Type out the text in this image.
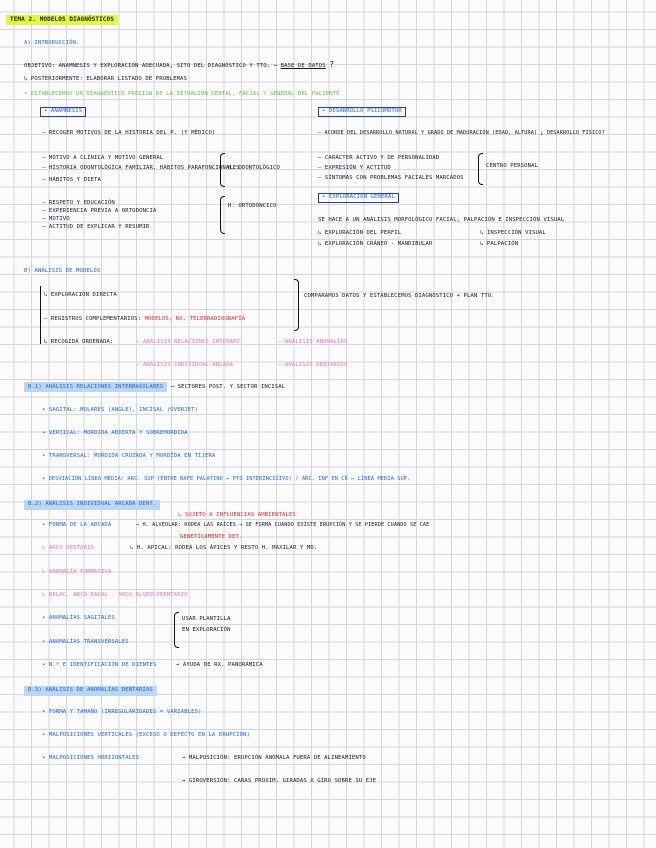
TEMA 2. MODELOS DIAGNÓSTICOS
A) INTRODUCCIÓN.
OBJETIVO: ANAMNESIS Y EXPLORACIÓN ADECUADA, SITO DEL DIAGNÓSTICO Y TTO. → BASE DE DATOS ?
↳ POSTERIORMENTE: ELABORAR LISTADO DE PROBLEMAS
• ESTABLECEMOS UN DIAGNÓSTICO PRECISO DE LA SITUACIÓN DENTAL, FACIAL Y GENERAL DEL PACIENTE
• ANAMNESIS
– RECOGER MOTIVOS DE LA HISTORIA DEL P. (Y MÉDICO)
– MOTIVO A CLÍNICA Y MOTIVO GENERAL
– HISTORIA ODONTOLÓGICA FAMILIAR, HÁBITOS PARAFUNCIONALES
– HÁBITOS Y DIETA
H. ODONTOLÓGICO
– RESPETO Y EDUCACIÓN
– EXPERIENCIA PREVIA A ORTODONCIA
– MOTIVO
– ACTITUD DE EXPLICAR Y RESUMIR
H. ORTODÓNCICO
• DESARROLLO PSICOMOTOR
– ACORDE DEL DESARROLLO NATURAL Y GRADO DE MADURACIÓN (EDAD, ALTURA) ¿ DESARROLLO FÍSICO?
– CARÁCTER ACTIVO Y DE PERSONALIDAD
– EXPRESIÓN Y ACTITUD
– SÍNTOMAS CON PROBLEMAS FACIALES MARCADOS
CENTRO PERSONAL
• EXPLORACIÓN GENERAL
SE HACE A UN ANÁLISIS MORFOLÓGICO FACIAL, PALPACIÓN E INSPECCIÓN VISUAL
↳ EXPLORACIÓN DEL PERFIL	↳ INSPECCIÓN VISUAL
↳ EXPLORACIÓN CRÁNEO - MANDIBULAR	↳ PALPACIÓN
B) ANÁLISIS DE MODELOS
↳ EXPLORACIÓN DIRECTA
– REGISTROS COMPLEMENTARIOS: MODELOS, RX, TELERRADIOGRAFÍA
↳ RECOGIDA ORDENADA:	– ANÁLISIS RELACIONES INTERARC.	– ANÁLISIS ANOMALÍAS
– ANÁLISIS INDIVIDUAL ARCADA	– ANÁLISIS DENTARIOS
COMPARAMOS DATOS Y ESTABLECEMOS DIAGNÓSTICO + PLAN TTO.
B.1) ANÁLISIS RELACIONES INTERMAXILARES → SECTORES POST. Y SECTOR INCISAL
• SAGITAL: MOLARES (ANGLE), INCISAL (OVERJET)
• VERTICAL: MORDIDA ABIERTA Y SOBREMORDIDA
• TRANSVERSAL: MORDIDA CRUZADA Y MORDIDA EN TIJERA
• DESVIACIÓN LÍNEA MEDIA: ARC. SUP (ENTRE RAFE PALATINO ↔ PTO INTERINCISIVO) / ARC. INF EN CR ↔ LÍNEA MEDIA SUP.
B.2) ANÁLISIS INDIVIDUAL ARCADA DENT.
↳ SUJETO A INFLUENCIAS AMBIENTALES
• FORMA DE LA ARCADA	→ H. ALVEOLAR: RODEA LAS RAÍCES → SE FORMA CUANDO EXISTE ERUPCIÓN Y SE PIERDE CUANDO SE CAE
GENÉTICAMENTE DET.
↳ ARCO DENTARIO	↳ H. APICAL: RODEA LOS ÁPICES Y RESTO H. MAXILAR Y MD.
↳ ANOMALÍA FORMATIVA
↳ RELAC. ARCO BASAL - ARCO ALVEOLODENTARIO
• ANOMALÍAS SAGITALES
• ANOMALÍAS TRANSVERSALES
USAR PLANTILLA
EN EXPLORACIÓN
• N.º E IDENTIFICACIÓN DE DIENTES	→ AYUDA DE RX. PANORÁMICA
B.3) ANÁLISIS DE ANOMALÍAS DENTARIAS
• FORMA Y TAMAÑO (IRREGULARIDADES = VARIABLES)
• MALPOSICIONES VERTICALES (EXCESO O DEFECTO EN LA ERUPCIÓN)
• MALPOSICIONES HORIZONTALES	→ MALPOSICIÓN: ERUPCIÓN ANÓMALA FUERA DE ALINEAMIENTO
→ GIROVERSIÓN: CARAS PROXIM. GIRADAS X GIRO SOBRE SU EJE
